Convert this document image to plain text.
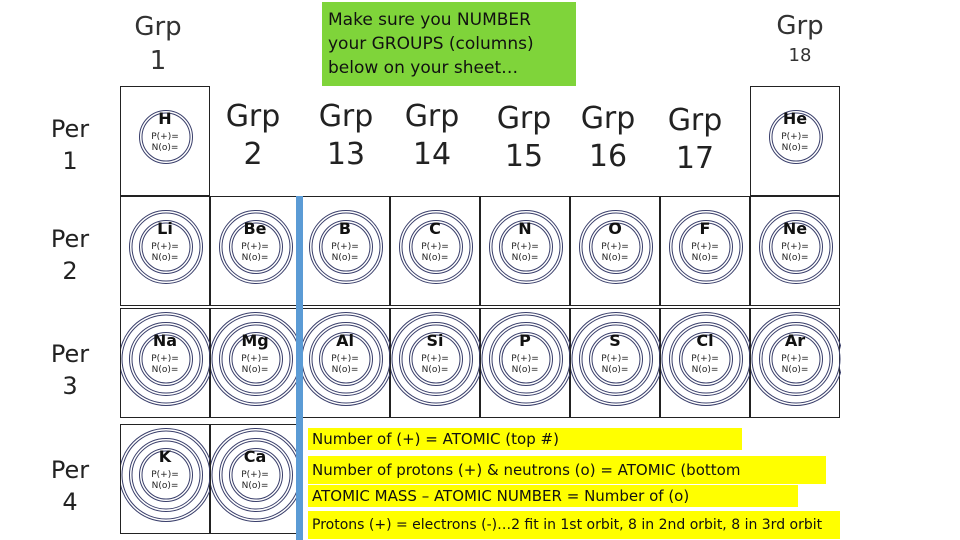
Grp
1
Grp
18
Make sure you NUMBER your GROUPS (columns) below on your sheet…
Per
1
Per
2
Per
3
Per
4
Grp
2
Grp
13
Grp
14
Grp
15
Grp
16
Grp
17
H
P(+)=
N(o)=
He
P(+)=
N(o)=
Li
P(+)=
N(o)=
Be
P(+)=
N(o)=
B
P(+)=
N(o)=
C
P(+)=
N(o)=
N
P(+)=
N(o)=
O
P(+)=
N(o)=
F
P(+)=
N(o)=
Ne
P(+)=
N(o)=
Na
P(+)=
N(o)=
Mg
P(+)=
N(o)=
Al
P(+)=
N(o)=
Si
P(+)=
N(o)=
P
P(+)=
N(o)=
S
P(+)=
N(o)=
Cl
P(+)=
N(o)=
Ar
P(+)=
N(o)=
K
P(+)=
N(o)=
Ca
P(+)=
N(o)=
Number of (+) = ATOMIC (top #)
Number of protons (+) & neutrons (o) = ATOMIC (bottom
ATOMIC MASS – ATOMIC NUMBER = Number of (o)
Protons (+) = electrons (-)…2 fit in 1st orbit, 8 in 2nd orbit, 8 in 3rd orbit
